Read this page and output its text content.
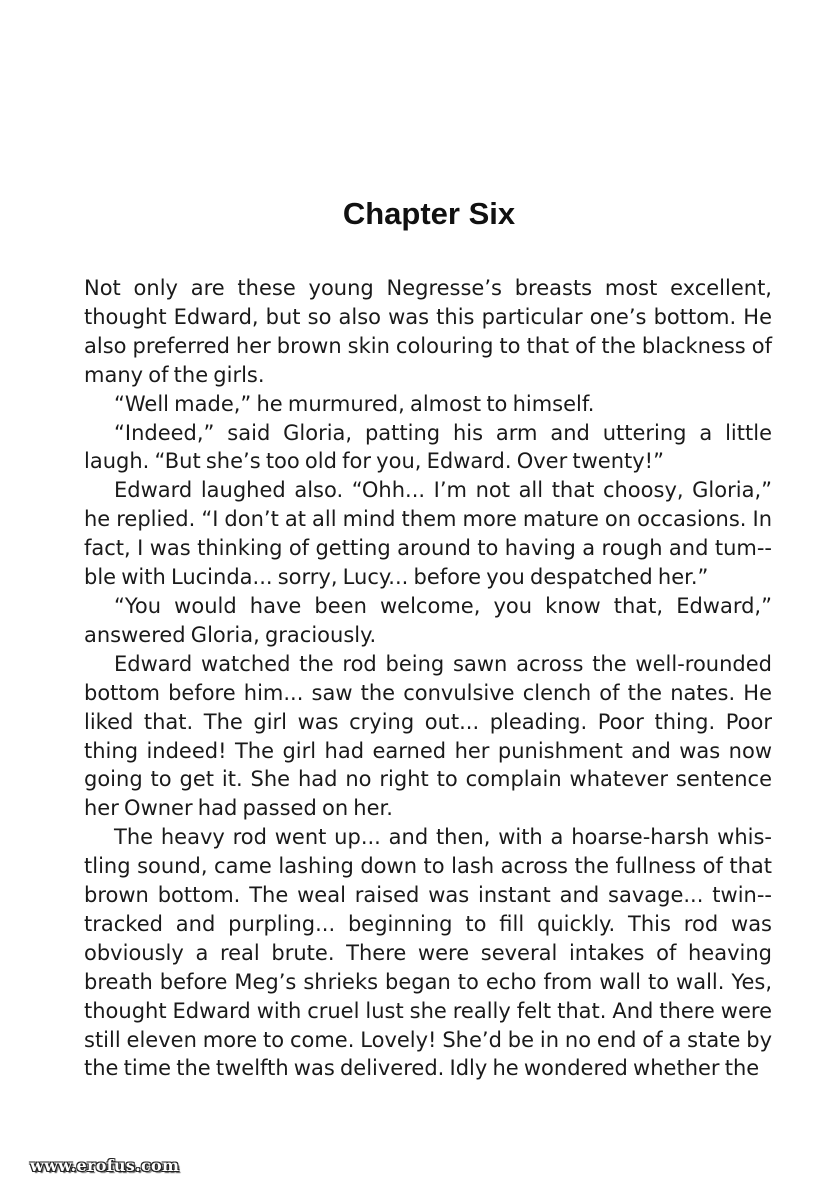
Chapter Six

Not only are these young Negresse’s breasts most excellent, thought Edward, but so also was this particular one’s bottom. He also preferred her brown skin colouring to that of the blackness of many of the girls.

“Well made,” he murmured, almost to himself.

“Indeed,” said Gloria, patting his arm and uttering a little laugh. “But she’s too old for you, Edward. Over twenty!”

Edward laughed also. “Ohh... I’m not all that choosy, Gloria,” he replied. “I don’t at all mind them more mature on occasions. In fact, I was thinking of getting around to having a rough and tum-ble with Lucinda... sorry, Lucy... before you despatched her.”

“You would have been welcome, you know that, Edward,” answered Gloria, graciously.

Edward watched the rod being sawn across the well-rounded bottom before him... saw the convulsive clench of the nates. He liked that. The girl was crying out... pleading. Poor thing. Poor thing indeed! The girl had earned her punishment and was now going to get it. She had no right to complain whatever sentence her Owner had passed on her.

The heavy rod went up... and then, with a hoarse-harsh whistling sound, came lashing down to lash across the fullness of that brown bottom. The weal raised was instant and savage... twin-tracked and purpling... beginning to fill quickly. This rod was obviously a real brute. There were several intakes of heaving breath before Meg’s shrieks began to echo from wall to wall. Yes, thought Edward with cruel lust she really felt that. And there were still eleven more to come. Lovely! She’d be in no end of a state by the time the twelfth was delivered. Idly he wondered whether the

www.erofus.com
